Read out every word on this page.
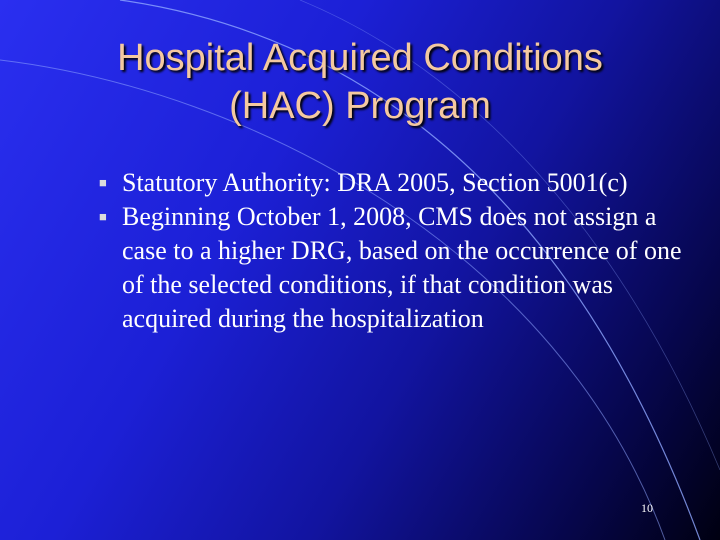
Hospital Acquired Conditions
(HAC) Program
■ Statutory Authority: DRA 2005, Section 5001(c)
■ Beginning October 1, 2008, CMS does not assign a case to a higher DRG, based on the occurrence of one of the selected conditions, if that condition was acquired during the hospitalization
10
